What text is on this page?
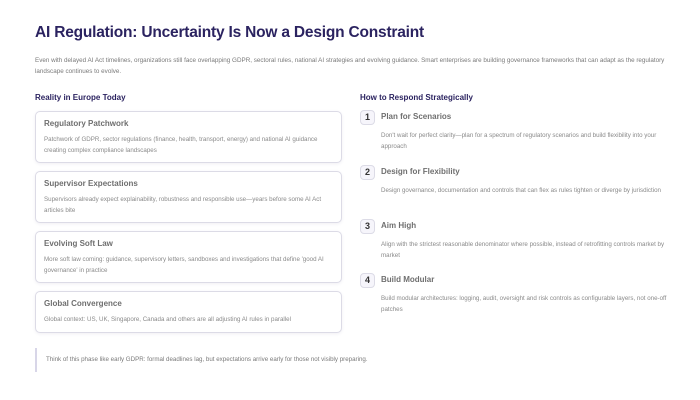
AI Regulation: Uncertainty Is Now a Design Constraint

Even with delayed AI Act timelines, organizations still face overlapping GDPR, sectoral rules, national AI strategies and evolving guidance. Smart enterprises are building governance frameworks that can adapt as the regulatory landscape continues to evolve.

Reality in Europe Today	How to Respond Strategically
Regulatory Patchwork

Patchwork of GDPR, sector regulations (finance, health, transport, energy) and national AI guidance creating complex compliance landscapes

Supervisor Expectations

Supervisors already expect explainability, robustness and responsible use—years before some AI Act articles bite

Evolving Soft Law

More soft law coming: guidance, supervisory letters, sandboxes and investigations that define 'good AI governance' in practice

Global Convergence

Global context: US, UK, Singapore, Canada and others are all adjusting AI rules in parallel

1	Plan for Scenarios

Don't wait for perfect clarity—plan for a spectrum of regulatory scenarios and build flexibility into your approach

2	Design for Flexibility

Design governance, documentation and controls that can flex as rules tighten or diverge by jurisdiction

3	Aim High

Align with the strictest reasonable denominator where possible, instead of retrofitting controls market by market

4	Build Modular

Build modular architectures: logging, audit, oversight and risk controls as configurable layers, not one-off patches

Think of this phase like early GDPR: formal deadlines lag, but expectations arrive early for those not visibly preparing.
